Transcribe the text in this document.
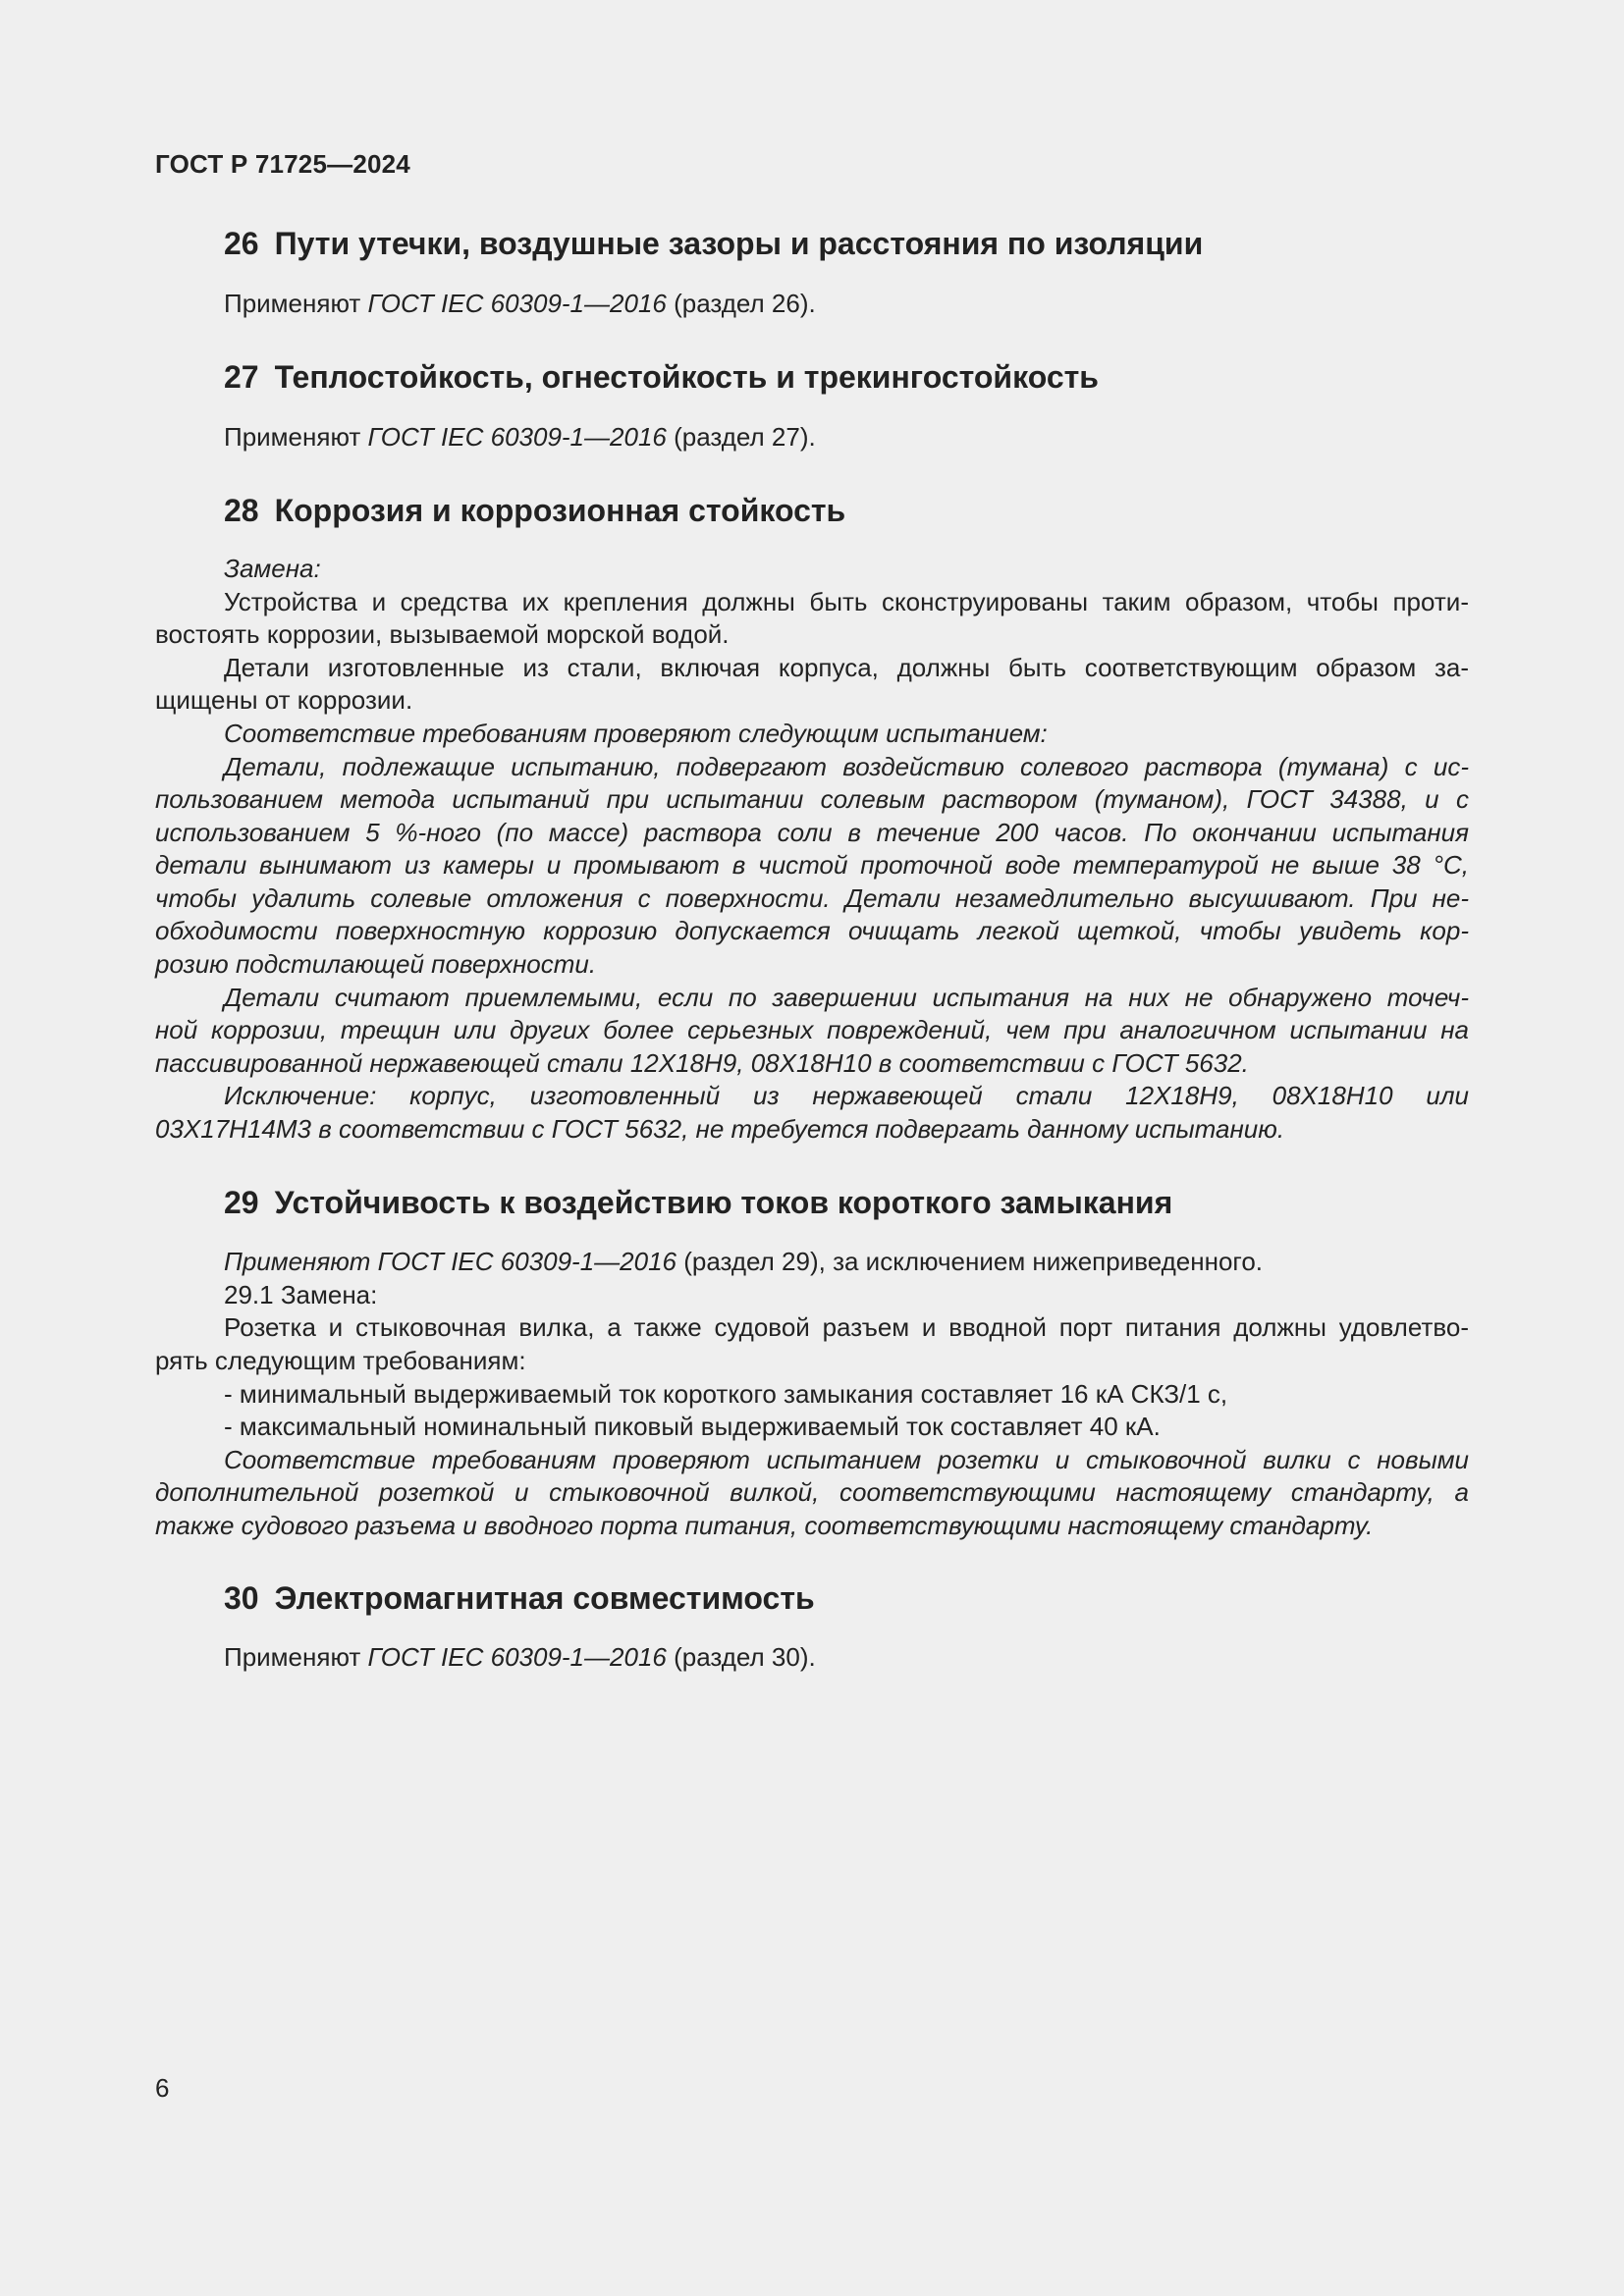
ГОСТ Р 71725—2024
26 Пути утечки, воздушные зазоры и расстояния по изоляции
Применяют ГОСТ IEC 60309-1—2016 (раздел 26).
27 Теплостойкость, огнестойкость и трекингостойкость
Применяют ГОСТ IEC 60309-1—2016 (раздел 27).
28 Коррозия и коррозионная стойкость
Замена:
Устройства и средства их крепления должны быть сконструированы таким образом, чтобы проти-
востоять коррозии, вызываемой морской водой.
Детали изготовленные из стали, включая корпуса, должны быть соответствующим образом за-
щищены от коррозии.
Соответствие требованиям проверяют следующим испытанием:
Детали, подлежащие испытанию, подвергают воздействию солевого раствора (тумана) с ис-
пользованием метода испытаний при испытании солевым раствором (туманом), ГОСТ 34388, и с
использованием 5 %-ного (по массе) раствора соли в течение 200 часов. По окончании испытания
детали вынимают из камеры и промывают в чистой проточной воде температурой не выше 38 °C,
чтобы удалить солевые отложения с поверхности. Детали незамедлительно высушивают. При не-
обходимости поверхностную коррозию допускается очищать легкой щеткой, чтобы увидеть кор-
розию подстилающей поверхности.
Детали считают приемлемыми, если по завершении испытания на них не обнаружено точеч-
ной коррозии, трещин или других более серьезных повреждений, чем при аналогичном испытании на
пассивированной нержавеющей стали 12Х18Н9, 08Х18Н10 в соответствии с ГОСТ 5632.
Исключение: корпус, изготовленный из нержавеющей стали 12Х18Н9, 08Х18Н10 или
03Х17Н14М3 в соответствии с ГОСТ 5632, не требуется подвергать данному испытанию.
29 Устойчивость к воздействию токов короткого замыкания
Применяют ГОСТ IEC 60309-1—2016 (раздел 29), за исключением нижеприведенного.
29.1 Замена:
Розетка и стыковочная вилка, а также судовой разъем и вводной порт питания должны удовлетво-
рять следующим требованиям:
- минимальный выдерживаемый ток короткого замыкания составляет 16 кА СКЗ/1 с,
- максимальный номинальный пиковый выдерживаемый ток составляет 40 кА.
Соответствие требованиям проверяют испытанием розетки и стыковочной вилки с новыми
дополнительной розеткой и стыковочной вилкой, соответствующими настоящему стандарту, а
также судового разъема и вводного порта питания, соответствующими настоящему стандарту.
30 Электромагнитная совместимость
Применяют ГОСТ IEC 60309-1—2016 (раздел 30).
6
